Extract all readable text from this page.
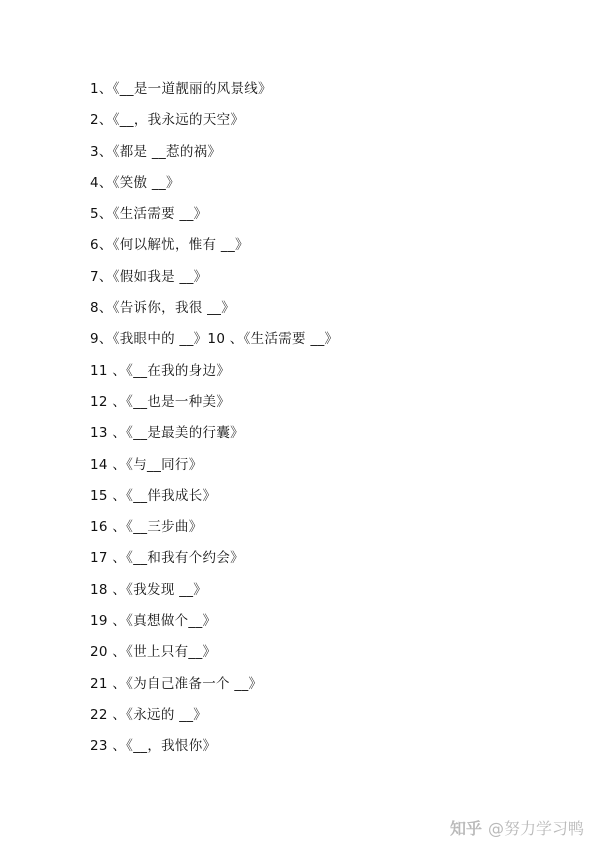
1、《__是一道靓丽的风景线》
2、《__，我永远的天空》
3、《都是 __惹的祸》
4、《笑傲 __》
5、《生活需要 __》
6、《何以解忧，惟有 __》
7、《假如我是 __》
8、《告诉你，我很 __》
9、《我眼中的 __》10 、《生活需要 __》
11 、《__在我的身边》
12 、《__也是一种美》
13 、《__是最美的行囊》
14 、《与__同行》
15 、《__伴我成长》
16 、《__三步曲》
17 、《__和我有个约会》
18 、《我发现 __》
19 、《真想做个__》
20 、《世上只有__》
21 、《为自己准备一个 __》
22 、《永远的 __》
23 、《__，我恨你》
知乎 @努力学习鸭
